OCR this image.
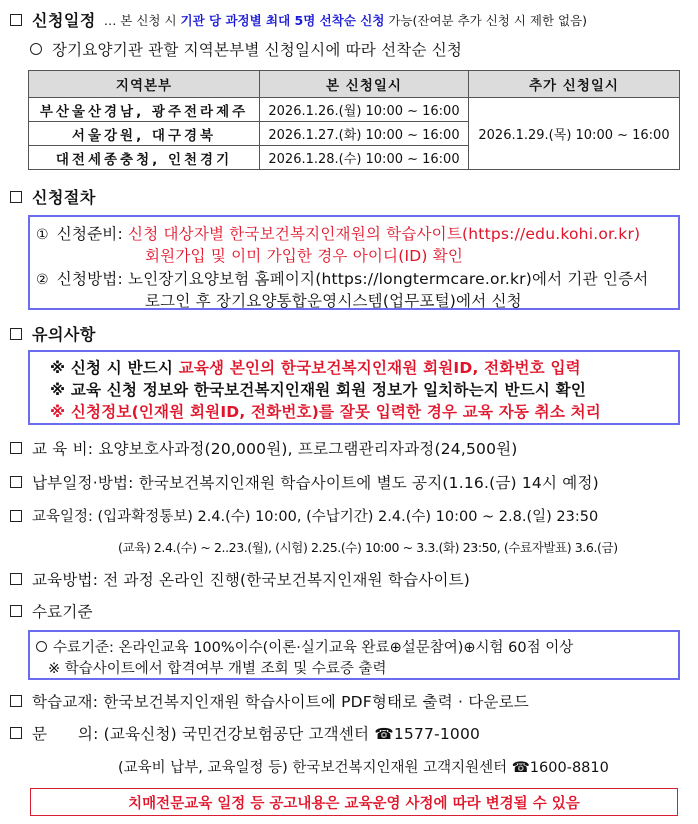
신청일정 … 본 신청 시 기관 당 과정별 최대 5명 선착순 신청 가능(잔여분 추가 신청 시 제한 없음)
장기요양기관 관할 지역본부별 신청일시에 따라 선착순 신청
지역본부	본 신청일시	추가 신청일시
부산울산경남, 광주전라제주	2026.1.26.(월) 10:00 ~ 16:00	2026.1.29.(목) 10:00 ~ 16:00
서울강원, 대구경북	2026.1.27.(화) 10:00 ~ 16:00	
대전세종충청, 인천경기	2026.1.28.(수) 10:00 ~ 16:00	
신청절차
① 신청준비: 신청 대상자별 한국보건복지인재원의 학습사이트(https://edu.kohi.or.kr)
회원가입 및 이미 가입한 경우 아이디(ID) 확인
② 신청방법: 노인장기요양보험 홈페이지(https://longtermcare.or.kr)에서 기관 인증서
로그인 후 장기요양통합운영시스템(업무포털)에서 신청
유의사항
※ 신청 시 반드시 교육생 본인의 한국보건복지인재원 회원ID, 전화번호 입력
※ 교육 신청 정보와 한국보건복지인재원 회원 정보가 일치하는지 반드시 확인
※ 신청정보(인재원 회원ID, 전화번호)를 잘못 입력한 경우 교육 자동 취소 처리
교 육 비: 요양보호사과정(20,000원), 프로그램관리자과정(24,500원)
납부일정·방법: 한국보건복지인재원 학습사이트에 별도 공지(1.16.(금) 14시 예정)
교육일정: (입과확정통보) 2.4.(수) 10:00, (수납기간) 2.4.(수) 10:00 ~ 2.8.(일) 23:50
(교육) 2.4.(수) ~ 2..23.(월), (시험) 2.25.(수) 10:00 ~ 3.3.(화) 23:50, (수료자발표) 3.6.(금)
교육방법: 전 과정 온라인 진행(한국보건복지인재원 학습사이트)
수료기준
수료기준: 온라인교육 100%이수(이론·실기교육 완료⊕설문참여)⊕시험 60점 이상
※ 학습사이트에서 합격여부 개별 조회 및 수료증 출력
학습교재: 한국보건복지인재원 학습사이트에 PDF형태로 출력 · 다운로드
문      의: (교육신청) 국민건강보험공단 고객센터 ☎1577-1000
(교육비 납부, 교육일정 등) 한국보건복지인재원 고객지원센터 ☎1600-8810
치매전문교육 일정 등 공고내용은 교육운영 사정에 따라 변경될 수 있음
